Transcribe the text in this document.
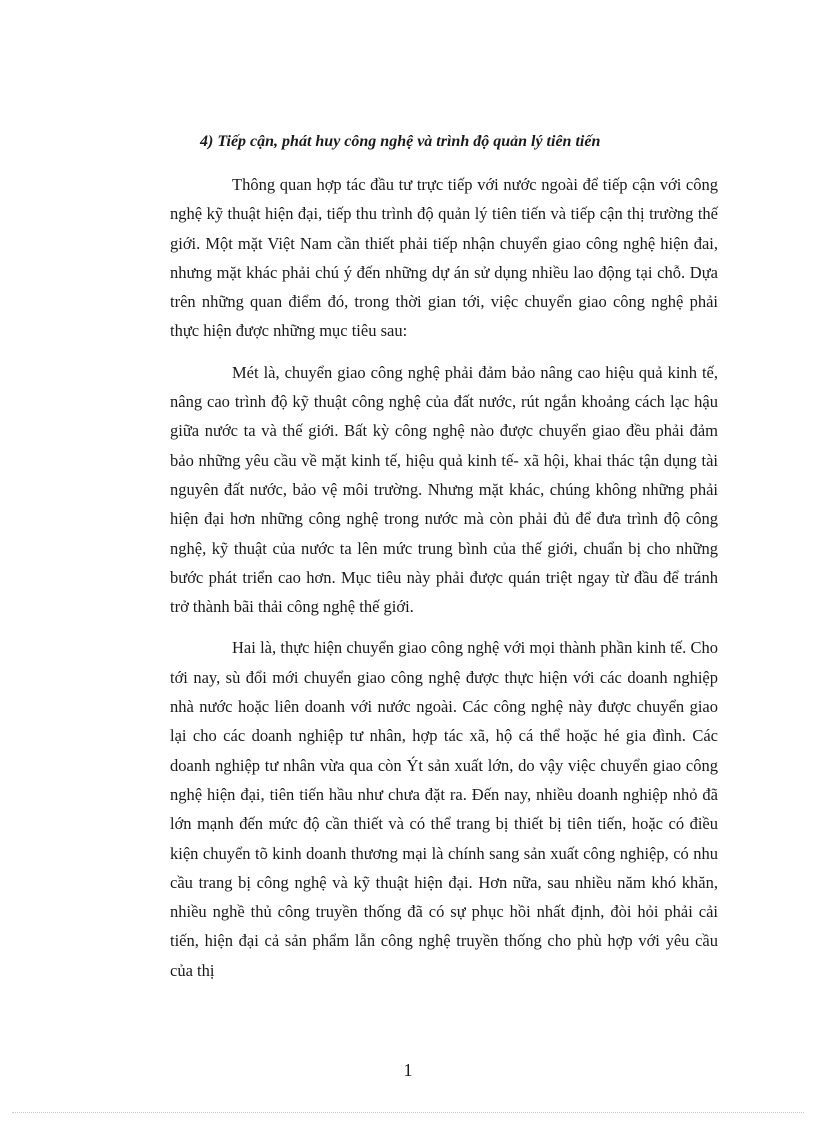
4) Tiếp cận, phát huy công nghệ và trình độ quản lý tiên tiến

Thông quan hợp tác đầu tư trực tiếp với nước ngoài để tiếp cận với công nghệ kỹ thuật hiện đại, tiếp thu trình độ quản lý tiên tiến và tiếp cận thị trường thế giới. Một mặt Việt Nam cần thiết phải tiếp nhận chuyển giao công nghệ hiện đai, nhưng mặt khác phải chú ý đến những dự án sử dụng nhiều lao động tại chỗ. Dựa trên những quan điểm đó, trong thời gian tới, việc chuyển giao công nghệ phải thực hiện được những mục tiêu sau:

Mét là, chuyển giao công nghệ phải đảm bảo nâng cao hiệu quả kinh tế, nâng cao trình độ kỹ thuật công nghệ của đất nước, rút ngắn khoảng cách lạc hậu giữa nước ta và thế giới. Bất kỳ công nghệ nào được chuyển giao đều phải đảm bảo những yêu cầu về mặt kinh tế, hiệu quả kinh tế- xã hội, khai thác tận dụng tài nguyên đất nước, bảo vệ môi trường. Nhưng mặt khác, chúng không những phải hiện đại hơn những công nghệ trong nước mà còn phải đủ để đưa trình độ công nghệ, kỹ thuật của nước ta lên mức trung bình của thế giới, chuẩn bị cho những bước phát triển cao hơn. Mục tiêu này phải được quán triệt ngay từ đầu để tránh trở thành bãi thải công nghệ thế giới.

Hai là, thực hiện chuyển giao công nghệ với mọi thành phần kinh tế. Cho tới nay, sù đổi mới chuyển giao công nghệ được thực hiện với các doanh nghiệp nhà nước hoặc liên doanh với nước ngoài. Các công nghệ này được chuyển giao lại cho các doanh nghiệp tư nhân, hợp tác xã, hộ cá thể hoặc hé gia đình. Các doanh nghiệp tư nhân vừa qua còn Ýt sản xuất lớn, do vậy việc chuyển giao công nghệ hiện đại, tiên tiến hầu như chưa đặt ra. Đến nay, nhiều doanh nghiệp nhỏ đã lớn mạnh đến mức độ cần thiết và có thể trang bị thiết bị tiên tiến, hoặc có điều kiện chuyển tõ kinh doanh thương mại là chính sang sản xuất công nghiệp, có nhu cầu trang bị công nghệ và kỹ thuật hiện đại. Hơn nữa, sau nhiều năm khó khăn, nhiều nghề thủ công truyền thống đã có sự phục hồi nhất định, đòi hỏi phải cải tiến, hiện đại cả sản phẩm lẫn công nghệ truyền thống cho phù hợp với yêu cầu của thị

1
